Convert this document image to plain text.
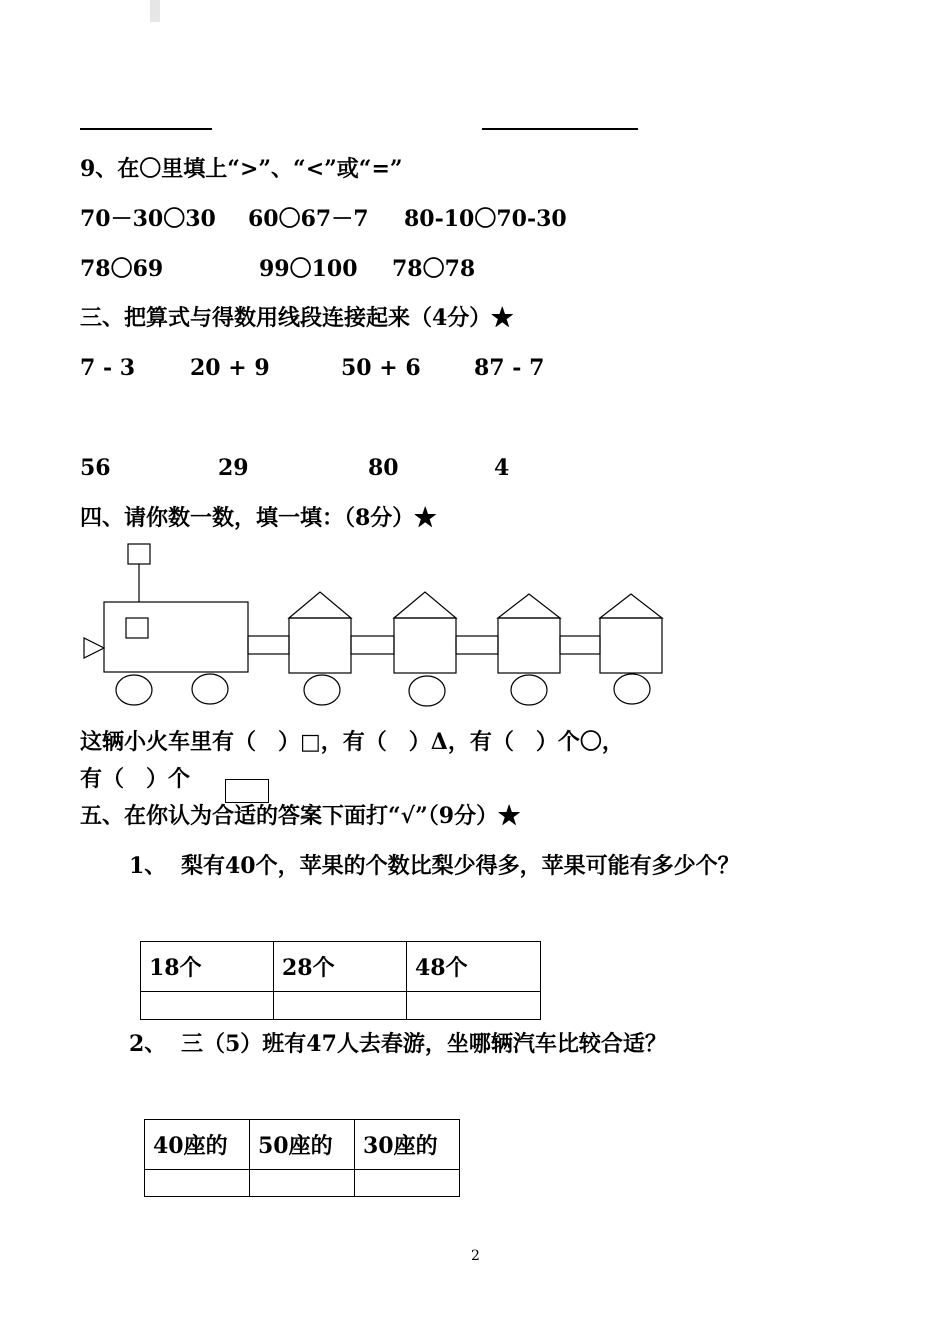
9、在〇里填上“>”、“<”或“=”
70－30〇30 60〇67－7 80-10〇70-30
78〇69	99〇100 78〇78
三、把算式与得数用线段连接起来（4分）★
7 - 3 20 + 9	50 + 6 87 - 7
56	29	80	4
四、请你数一数，填一填：（8分）★
这辆小火车里有（　）□，有（　）Δ，有（　）个〇，
有（　）个
五、在你认为合适的答案下面打“√”（9分）★
1、 梨有40个，苹果的个数比梨少得多，苹果可能有多少个？
18个	28个	48个

2、 三（5）班有47人去春游，坐哪辆汽车比较合适？
40座的	50座的	30座的

2
